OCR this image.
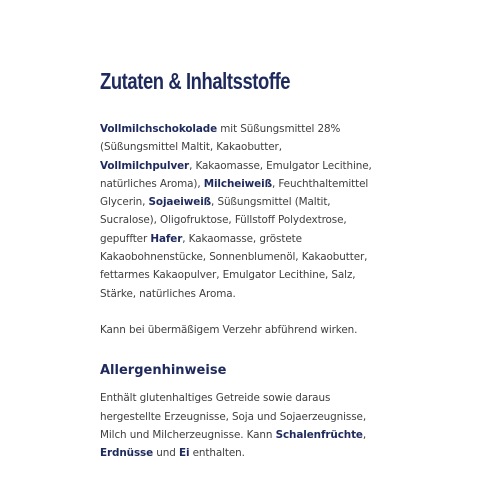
Zutaten & Inhaltsstoffe

Vollmilchschokolade mit Süßungsmittel 28% (Süßungsmittel Maltit, Kakaobutter, Vollmilchpulver, Kakaomasse, Emulgator Lecithine, natürliches Aroma), Milcheiweiß, Feuchthaltemittel Glycerin, Sojaeiweiß, Süßungsmittel (Maltit, Sucralose), Oligofruktose, Füllstoff Polydextrose, gepuffter Hafer, Kakaomasse, gröstete Kakaobohnenstücke, Sonnenblumenöl, Kakaobutter, fettarmes Kakaopulver, Emulgator Lecithine, Salz, Stärke, natürliches Aroma.

Kann bei übermäßigem Verzehr abführend wirken.

Allergenhinweise

Enthält glutenhaltiges Getreide sowie daraus hergestellte Erzeugnisse, Soja und Sojaerzeugnisse, Milch und Milcherzeugnisse. Kann Schalenfrüchte, Erdnüsse und Ei enthalten.
